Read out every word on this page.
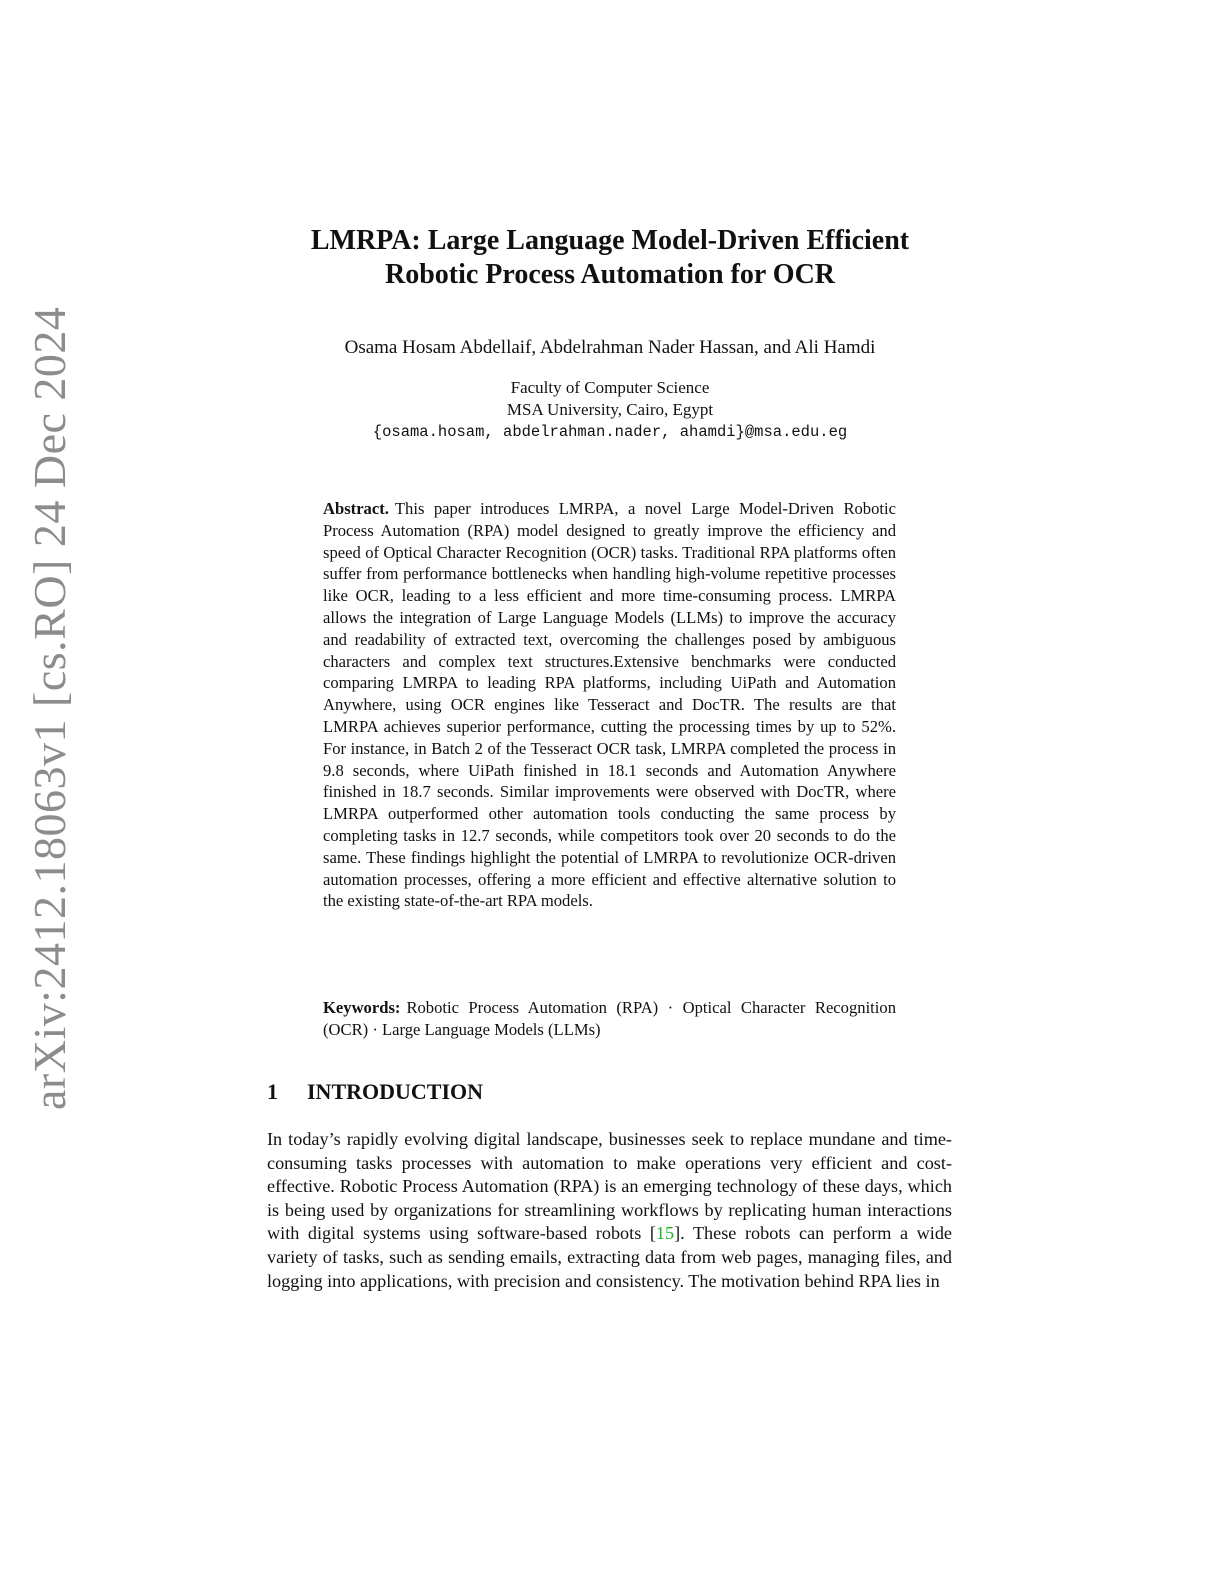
arXiv:2412.18063v1 [cs.RO] 24 Dec 2024
LMRPA: Large Language Model-Driven Efficient
Robotic Process Automation for OCR
Osama Hosam Abdellaif, Abdelrahman Nader Hassan, and Ali Hamdi
Faculty of Computer Science
MSA University, Cairo, Egypt
{osama.hosam, abdelrahman.nader, ahamdi}@msa.edu.eg

Abstract. This paper introduces LMRPA, a novel Large Model-Driven Robotic Process Automation (RPA) model designed to greatly improve the efficiency and speed of Optical Character Recognition (OCR) tasks. Traditional RPA platforms often suffer from performance bottlenecks when handling high-volume repetitive processes like OCR, leading to a less efficient and more time-consuming process. LMRPA allows the integration of Large Language Models (LLMs) to improve the accuracy and readability of extracted text, overcoming the challenges posed by ambiguous characters and complex text structures.Extensive benchmarks were conducted comparing LMRPA to leading RPA platforms, including UiPath and Automation Anywhere, using OCR engines like Tesseract and DocTR. The results are that LMRPA achieves superior performance, cutting the processing times by up to 52%. For instance, in Batch 2 of the Tesseract OCR task, LMRPA completed the process in 9.8 seconds, where UiPath finished in 18.1 seconds and Automation Anywhere finished in 18.7 seconds. Similar improvements were observed with DocTR, where LMRPA outperformed other automation tools conducting the same process by completing tasks in 12.7 seconds, while competitors took over 20 seconds to do the same. These findings highlight the potential of LMRPA to revolutionize OCR-driven automation processes, offering a more efficient and effective alternative solution to the existing state-of-the-art RPA models.

Keywords: Robotic Process Automation (RPA) · Optical Character Recognition (OCR) · Large Language Models (LLMs)

1 INTRODUCTION

In today’s rapidly evolving digital landscape, businesses seek to replace mundane and time-consuming tasks processes with automation to make operations very efficient and cost-effective. Robotic Process Automation (RPA) is an emerging technology of these days, which is being used by organizations for streamlining workflows by replicating human interactions with digital systems using software-based robots [15]. These robots can perform a wide variety of tasks, such as sending emails, extracting data from web pages, managing files, and logging into applications, with precision and consistency. The motivation behind RPA lies in
